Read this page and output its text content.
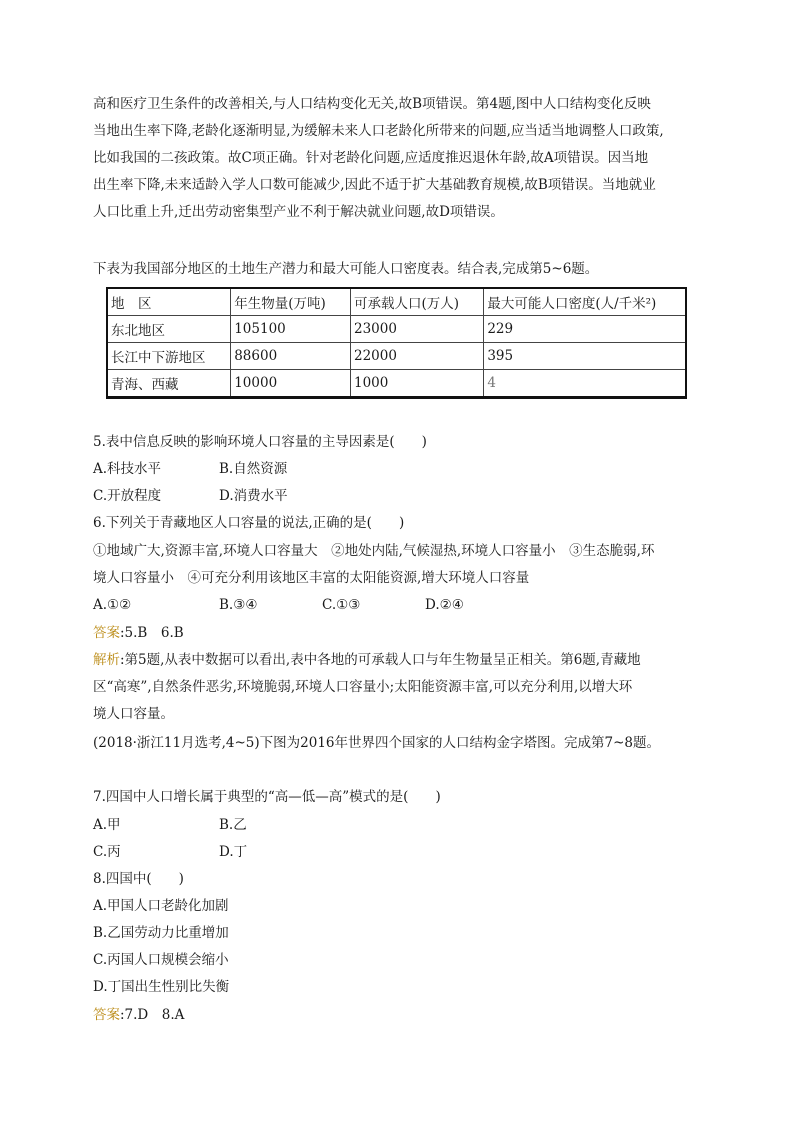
高和医疗卫生条件的改善相关,与人口结构变化无关,故B项错误。第4题,图中人口结构变化反映
当地出生率下降,老龄化逐渐明显,为缓解未来人口老龄化所带来的问题,应当适当地调整人口政策,
比如我国的二孩政策。故C项正确。针对老龄化问题,应适度推迟退休年龄,故A项错误。因当地
出生率下降,未来适龄入学人口数可能减少,因此不适于扩大基础教育规模,故B项错误。当地就业
人口比重上升,迁出劳动密集型产业不利于解决就业问题,故D项错误。
下表为我国部分地区的土地生产潜力和最大可能人口密度表。结合表,完成第5~6题。
地　区	年生物量(万吨)	可承载人口(万人)	最大可能人口密度(人/千米²)
东北地区	105100	23000	229
长江中下游地区	88600	22000	395
青海、西藏	10000	1000	4
5.表中信息反映的影响环境人口容量的主导因素是(　　)
A.科技水平	B.自然资源
C.开放程度	D.消费水平
6.下列关于青藏地区人口容量的说法,正确的是(　　)
①地域广大,资源丰富,环境人口容量大　②地处内陆,气候湿热,环境人口容量小　③生态脆弱,环
境人口容量小　④可充分利用该地区丰富的太阳能资源,增大环境人口容量
A.①②	B.③④	C.①③	D.②④
答案:5.B　6.B
解析:第5题,从表中数据可以看出,表中各地的可承载人口与年生物量呈正相关。第6题,青藏地
区“高寒”,自然条件恶劣,环境脆弱,环境人口容量小;太阳能资源丰富,可以充分利用,以增大环
境人口容量。
(2018·浙江11月选考,4~5)下图为2016年世界四个国家的人口结构金字塔图。完成第7~8题。
7.四国中人口增长属于典型的“高—低—高”模式的是(　　)
A.甲	B.乙
C.丙	D.丁
8.四国中(　　)
A.甲国人口老龄化加剧
B.乙国劳动力比重增加
C.丙国人口规模会缩小
D.丁国出生性别比失衡
答案:7.D　8.A
